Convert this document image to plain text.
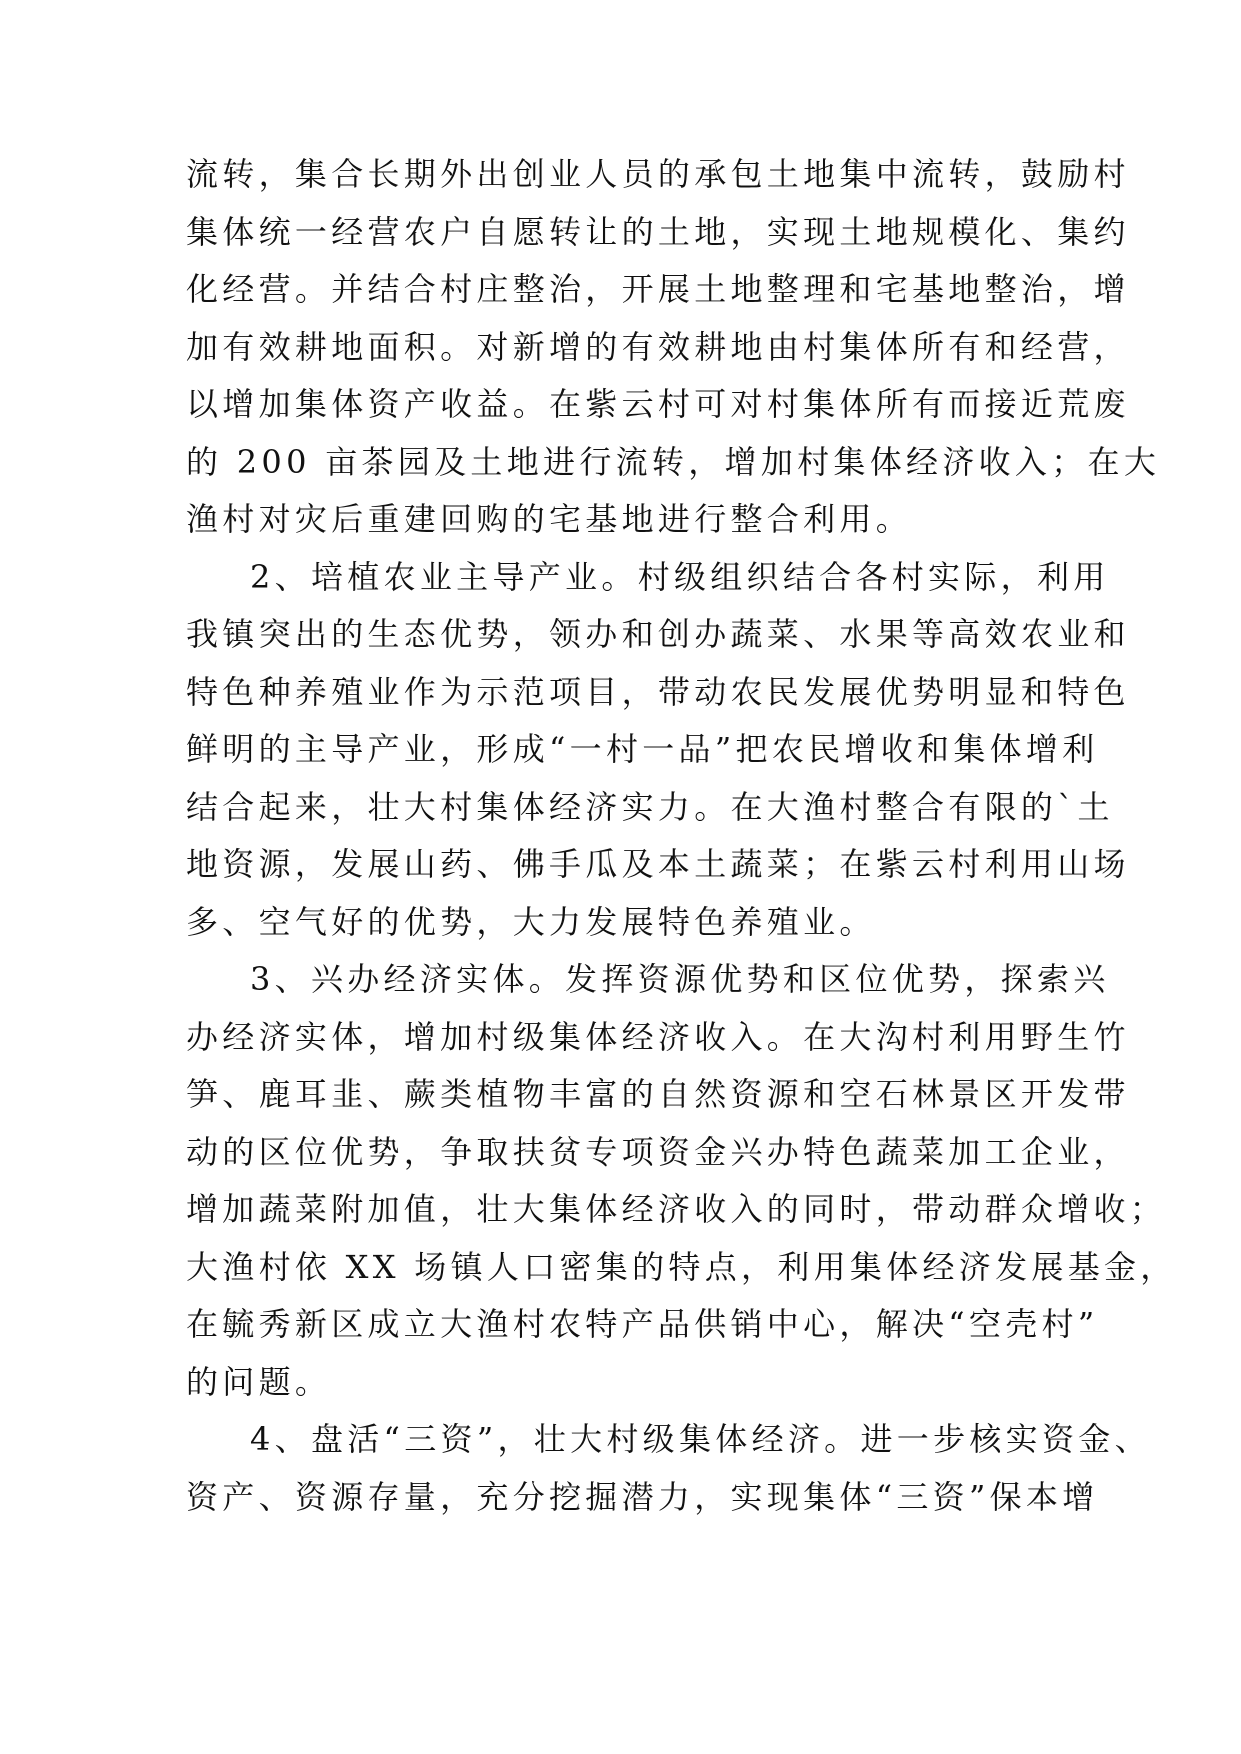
流转，集合长期外出创业人员的承包土地集中流转，鼓励村
集体统一经营农户自愿转让的土地，实现土地规模化、集约
化经营。并结合村庄整治，开展土地整理和宅基地整治，增
加有效耕地面积。对新增的有效耕地由村集体所有和经营，
以增加集体资产收益。在紫云村可对村集体所有而接近荒废
的 200 亩茶园及土地进行流转，增加村集体经济收入；在大
渔村对灾后重建回购的宅基地进行整合利用。

2、培植农业主导产业。村级组织结合各村实际，利用
我镇突出的生态优势，领办和创办蔬菜、水果等高效农业和
特色种养殖业作为示范项目，带动农民发展优势明显和特色
鲜明的主导产业，形成“一村一品”把农民增收和集体增利
结合起来，壮大村集体经济实力。在大渔村整合有限的`土
地资源，发展山药、佛手瓜及本土蔬菜；在紫云村利用山场
多、空气好的优势，大力发展特色养殖业。

3、兴办经济实体。发挥资源优势和区位优势，探索兴
办经济实体，增加村级集体经济收入。在大沟村利用野生竹
笋、鹿耳韭、蕨类植物丰富的自然资源和空石林景区开发带
动的区位优势，争取扶贫专项资金兴办特色蔬菜加工企业，
增加蔬菜附加值，壮大集体经济收入的同时，带动群众增收；
大渔村依 XX 场镇人口密集的特点，利用集体经济发展基金，
在毓秀新区成立大渔村农特产品供销中心，解决“空壳村”
的问题。

4、盘活“三资”，壮大村级集体经济。进一步核实资金、
资产、资源存量，充分挖掘潜力，实现集体“三资”保本增
